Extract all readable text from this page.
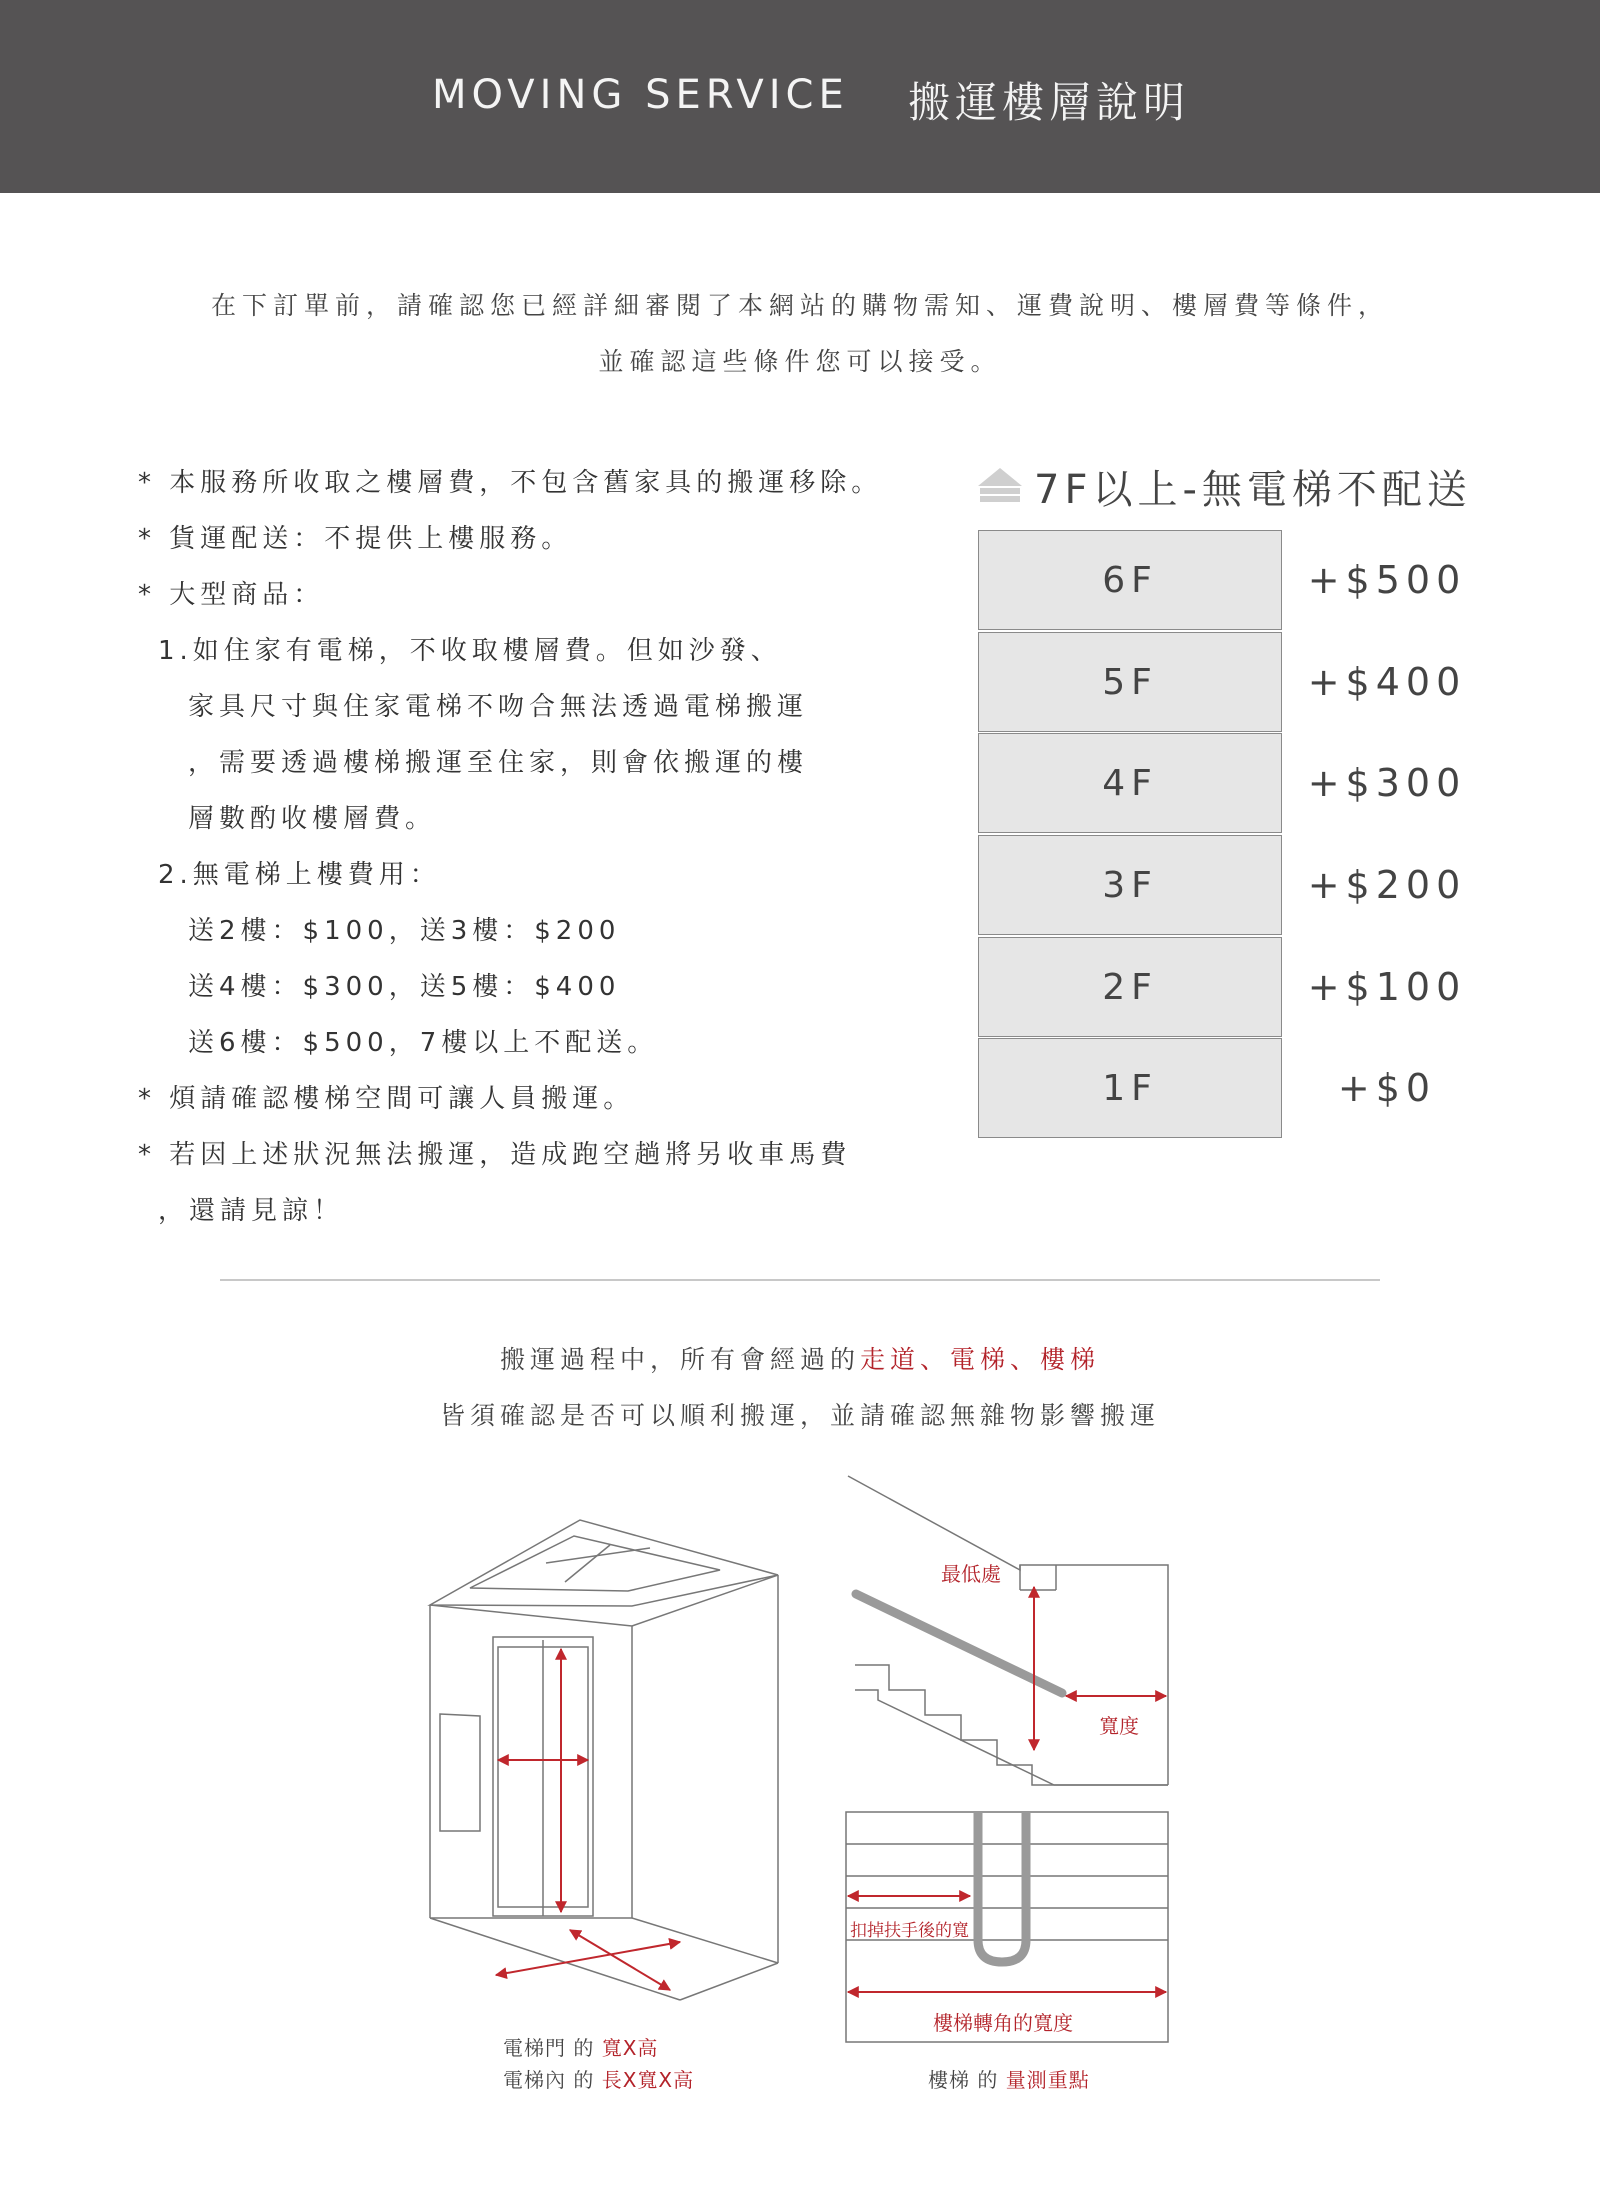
MOVING SERVICE 搬運樓層說明
在下訂單前，請確認您已經詳細審閱了本網站的購物需知、運費說明、樓層費等條件，
並確認這些條件您可以接受。
* 本服務所收取之樓層費，不包含舊家具的搬運移除。
* 貨運配送：不提供上樓服務。
* 大型商品：
1.如住家有電梯，不收取樓層費。但如沙發、
家具尺寸與住家電梯不吻合無法透過電梯搬運
，需要透過樓梯搬運至住家，則會依搬運的樓
層數酌收樓層費。
2.無電梯上樓費用：
送2樓：$100，送3樓：$200
送4樓：$300，送5樓：$400
送6樓：$500，7樓以上不配送。
* 煩請確認樓梯空間可讓人員搬運。
* 若因上述狀況無法搬運，造成跑空趟將另收車馬費
，還請見諒！
7F以上-無電梯不配送
6F	+$500
5F	+$400
4F	+$300
3F	+$200
2F	+$100
1F	+$0
搬運過程中，所有會經過的走道、電梯、樓梯
皆須確認是否可以順利搬運，並請確認無雜物影響搬運
最低處
寬度
扣掉扶手後的寬
樓梯轉角的寬度
電梯門 的 寬X高
電梯內 的 長X寬X高	樓梯 的 量測重點
